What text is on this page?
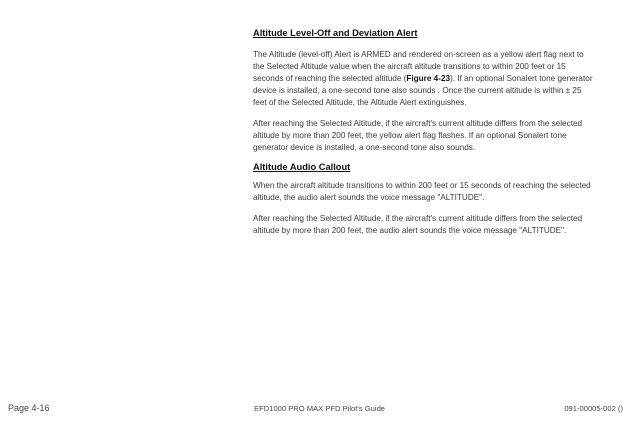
Altitude Level-Off and Deviation Alert

The Altitude (level-off) Alert is ARMED and rendered on-screen as a yellow alert flag next to the Selected Altitude value when the aircraft altitude transitions to within 200 feet or 15 seconds of reaching the selected altitude (Figure 4-23). If an optional Sonalert tone generator device is installed, a one-second tone also sounds . Once the current altitude is within ± 25 feet of the Selected Altitude, the Altitude Alert extinguishes.

After reaching the Selected Altitude, if the aircraft's current altitude differs from the selected altitude by more than 200 feet, the yellow alert flag flashes. If an optional Sonalert tone generator device is installed, a one-second tone also sounds.

Altitude Audio Callout

When the aircraft altitude transitions to within 200 feet or 15 seconds of reaching the selected altitude, the audio alert sounds the voice message "ALTITUDE".

After reaching the Selected Altitude, if the aircraft's current altitude differs from the selected altitude by more than 200 feet, the audio alert sounds the voice message "ALTITUDE".

Page 4-16	EFD1000 PRO MAX PFD Pilot's Guide	091-00005-002 ()
